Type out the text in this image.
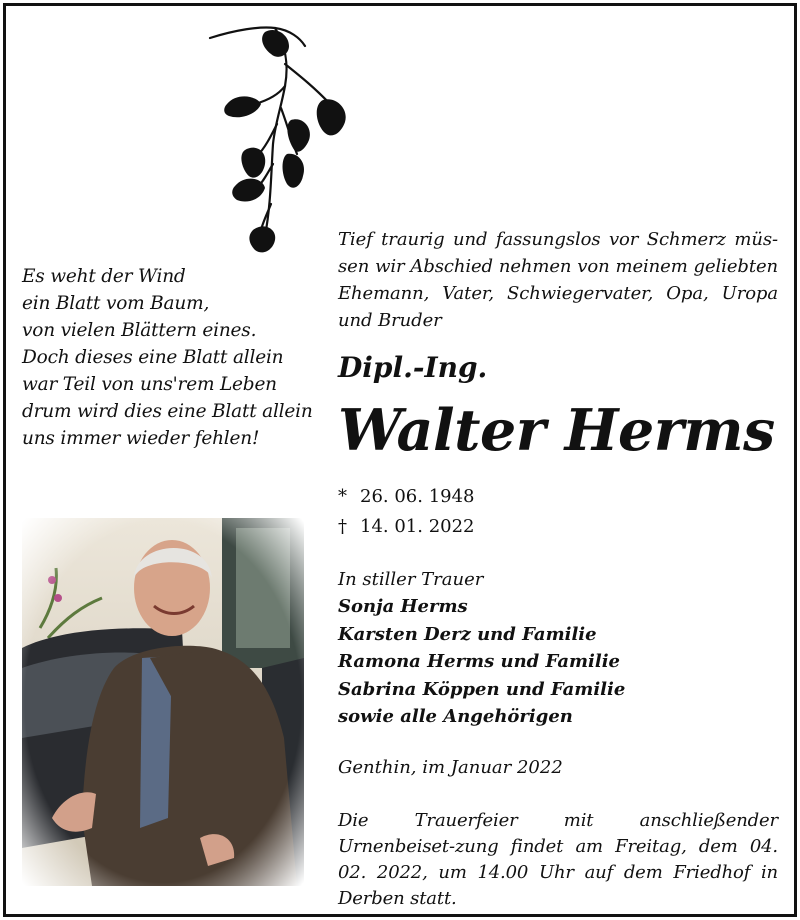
Es weht der Wind
ein Blatt vom Baum,
von vielen Blättern eines.
Doch dieses eine Blatt allein
war Teil von uns'rem Leben
drum wird dies eine Blatt allein
uns immer wieder fehlen!
Tief traurig und fassungslos vor Schmerz müs-sen wir Abschied nehmen von meinem geliebten Ehemann, Vater, Schwiegervater, Opa, Uropa und Bruder
Dipl.-Ing.
Walter Herms
* 26. 06. 1948
† 14. 01. 2022
In stiller Trauer
Sonja Herms
Karsten Derz und Familie
Ramona Herms und Familie
Sabrina Köppen und Familie
sowie alle Angehörigen
Genthin, im Januar 2022
Die Trauerfeier mit anschließender Urnenbeiset-zung findet am Freitag, dem 04. 02. 2022, um 14.00 Uhr auf dem Friedhof in Derben statt.
